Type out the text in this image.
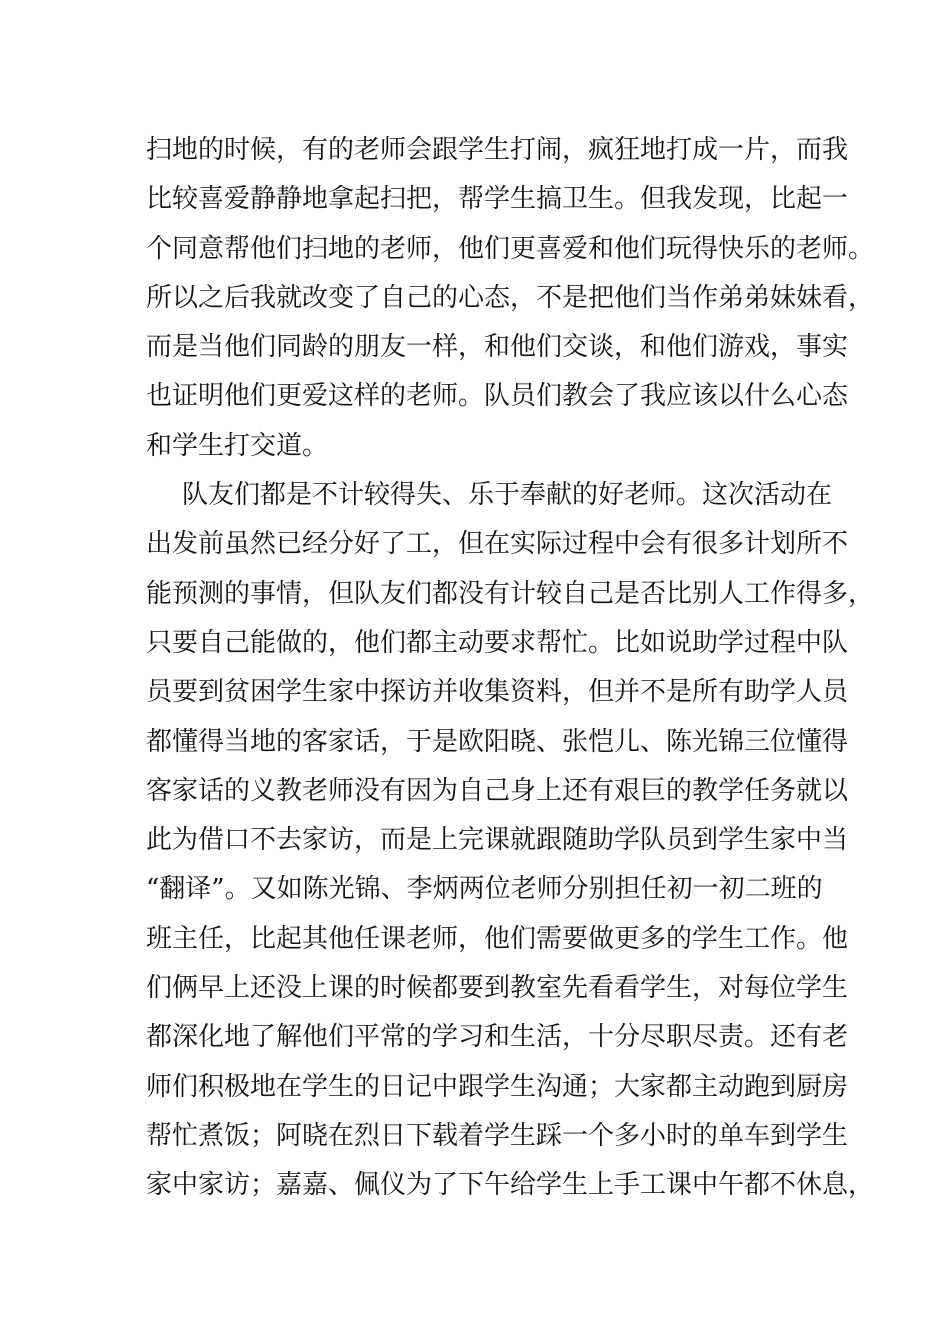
扫地的时候，有的老师会跟学生打闹，疯狂地打成一片，而我
比较喜爱静静地拿起扫把，帮学生搞卫生。但我发现，比起一
个同意帮他们扫地的老师，他们更喜爱和他们玩得快乐的老师。
所以之后我就改变了自己的心态，不是把他们当作弟弟妹妹看，
而是当他们同龄的朋友一样，和他们交谈，和他们游戏，事实
也证明他们更爱这样的老师。队员们教会了我应该以什么心态
和学生打交道。
队友们都是不计较得失、乐于奉献的好老师。这次活动在
出发前虽然已经分好了工，但在实际过程中会有很多计划所不
能预测的事情，但队友们都没有计较自己是否比别人工作得多，
只要自己能做的，他们都主动要求帮忙。比如说助学过程中队
员要到贫困学生家中探访并收集资料，但并不是所有助学人员
都懂得当地的客家话，于是欧阳晓、张恺儿、陈光锦三位懂得
客家话的义教老师没有因为自己身上还有艰巨的教学任务就以
此为借口不去家访，而是上完课就跟随助学队员到学生家中当
“翻译”。又如陈光锦、李炳两位老师分别担任初一初二班的
班主任，比起其他任课老师，他们需要做更多的学生工作。他
们俩早上还没上课的时候都要到教室先看看学生，对每位学生
都深化地了解他们平常的学习和生活，十分尽职尽责。还有老
师们积极地在学生的日记中跟学生沟通；大家都主动跑到厨房
帮忙煮饭；阿晓在烈日下载着学生踩一个多小时的单车到学生
家中家访；嘉嘉、佩仪为了下午给学生上手工课中午都不休息，
